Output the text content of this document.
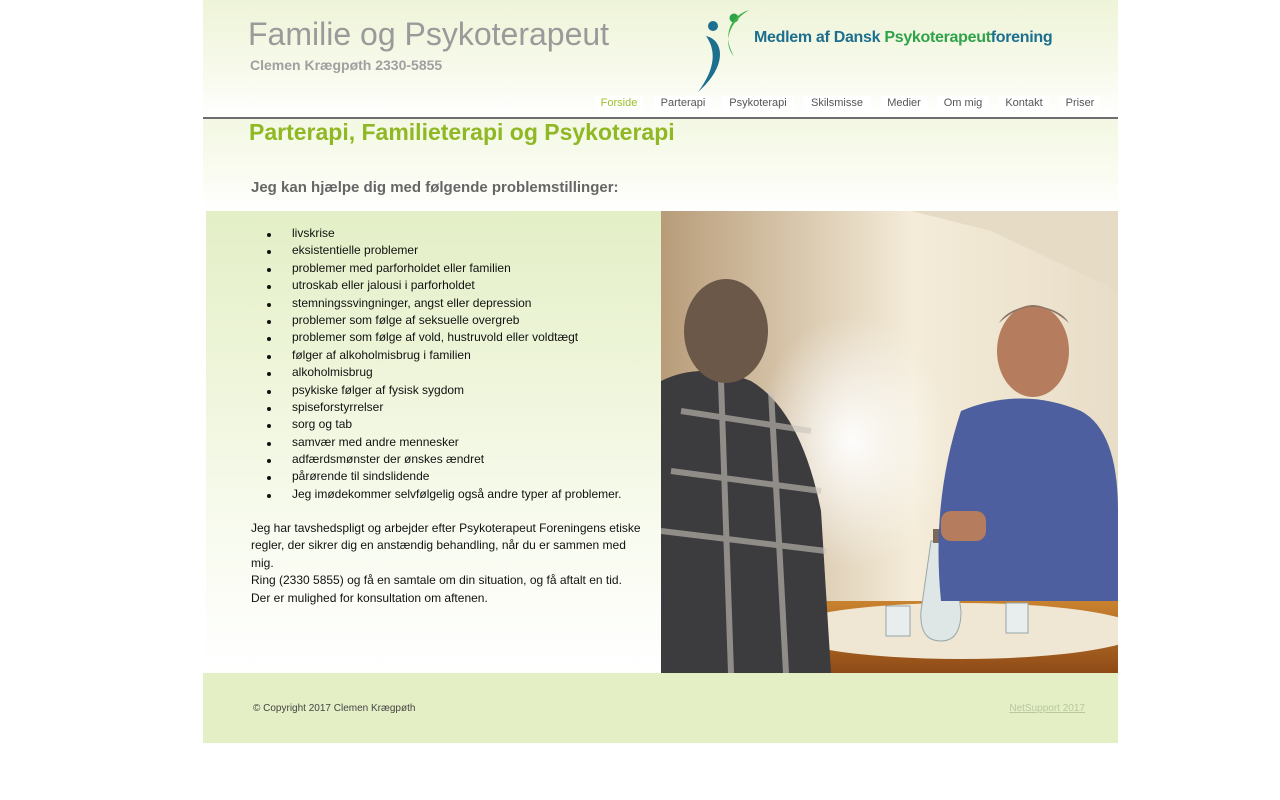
Familie og Psykoterapeut
Clemen Krægpøth 2330-5855
Medlem af Dansk Psykoterapeutforening
Forside	Parterapi	Psykoterapi	Skilsmisse	Medier	Om mig	Kontakt	Priser
Parterapi, Familieterapi og Psykoterapi
Jeg kan hjælpe dig med følgende problemstillinger:
livskrise
eksistentielle problemer
problemer med parforholdet eller familien
utroskab eller jalousi i parforholdet
stemningssvingninger, angst eller depression
problemer som følge af seksuelle overgreb
problemer som følge af vold, hustruvold eller voldtægt
følger af alkoholmisbrug i familien
alkoholmisbrug
psykiske følger af fysisk sygdom
spiseforstyrrelser
sorg og tab
samvær med andre mennesker
adfærdsmønster der ønskes ændret
pårørende til sindslidende
Jeg imødekommer selvfølgelig også andre typer af problemer.

Jeg har tavshedspligt og arbejder efter Psykoterapeut Foreningens etiske regler, der sikrer dig en anstændig behandling, når du er sammen med mig.

Ring (2330 5855) og få en samtale om din situation, og få aftalt en tid.

Der er mulighed for konsultation om aftenen.

© Copyright 2017 Clemen Krægpøth	NetSupport 2017
